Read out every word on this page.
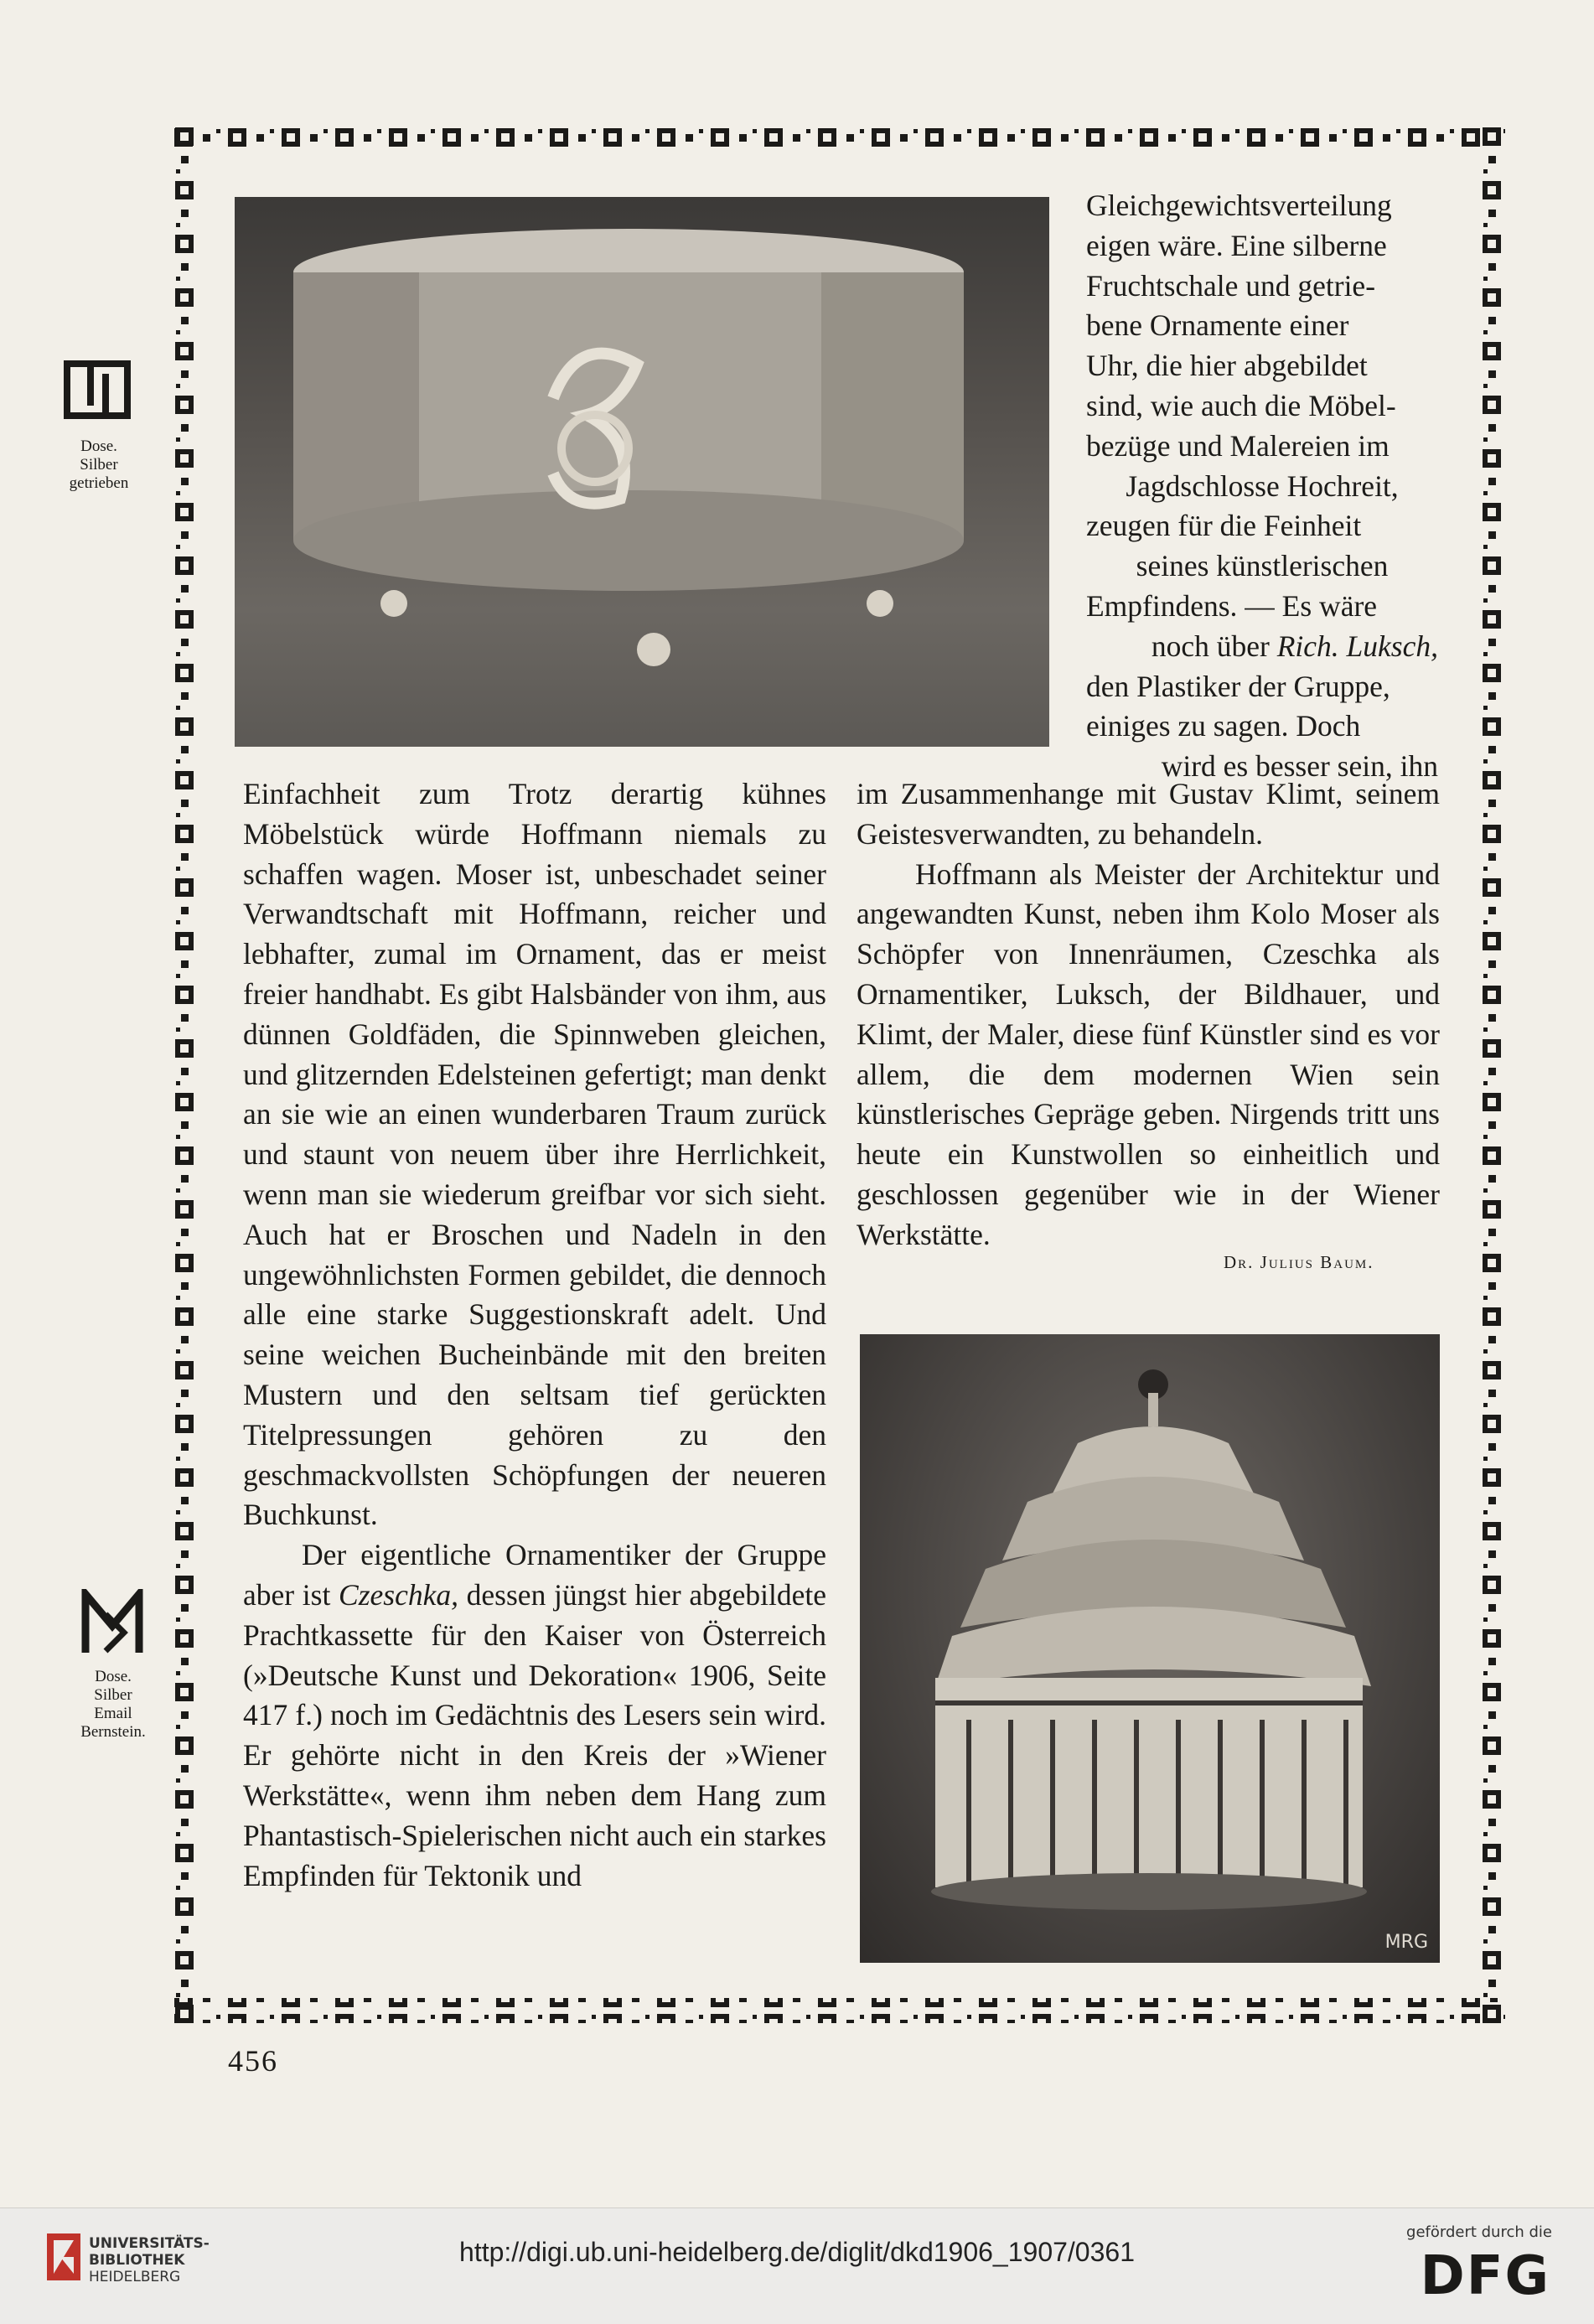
Dose.
Silber
getrieben

Gleichgewichtsverteilung

eigen wäre. Eine silberne

Fruchtschale und getrie-

bene Ornamente einer

Uhr, die hier abgebildet

sind, wie auch die Möbel-

bezüge und Malereien im

Jagdschlosse Hochreit,

zeugen für die Feinheit

seines künstlerischen

Empfindens. — Es wäre

noch über Rich. Luksch,

den Plastiker der Gruppe,

einiges zu sagen. Doch

wird es besser sein, ihn

Einfachheit zum Trotz derartig kühnes Möbelstück würde Hoffmann niemals zu schaffen wagen. Moser ist, unbeschadet seiner Verwandtschaft mit Hoffmann, reicher und lebhafter, zumal im Ornament, das er meist freier handhabt. Es gibt Halsbänder von ihm, aus dünnen Goldfäden, die Spinnweben gleichen, und glitzernden Edelsteinen gefertigt; man denkt an sie wie an einen wunderbaren Traum zurück und staunt von neuem über ihre Herrlichkeit, wenn man sie wiederum greifbar vor sich sieht. Auch hat er Broschen und Nadeln in den ungewöhnlichsten Formen gebildet, die dennoch alle eine starke Suggestionskraft adelt. Und seine weichen Bucheinbände mit den breiten Mustern und den seltsam tief gerückten Titelpressungen gehören zu den geschmackvollsten Schöpfungen der neueren Buchkunst.

Der eigentliche Ornamentiker der Gruppe aber ist Czeschka, dessen jüngst hier abgebildete Prachtkassette für den Kaiser von Österreich (»Deutsche Kunst und Dekoration« 1906, Seite 417 f.) noch im Gedächtnis des Lesers sein wird. Er gehörte nicht in den Kreis der »Wiener Werkstätte«, wenn ihm neben dem Hang zum Phantastisch-Spielerischen nicht auch ein starkes Empfinden für Tektonik und

im Zusammenhange mit Gustav Klimt, seinem Geistesverwandten, zu behandeln.

Hoffmann als Meister der Architektur und angewandten Kunst, neben ihm Kolo Moser als Schöpfer von Innenräumen, Czeschka als Ornamentiker, Luksch, der Bildhauer, und Klimt, der Maler, diese fünf Künstler sind es vor allem, die dem modernen Wien sein künstlerisches Gepräge geben. Nirgends tritt uns heute ein Kunstwollen so einheitlich und geschlossen gegenüber wie in der Wiener Werkstätte.

Dr. Julius Baum.
MRG
Dose.
Silber
Email
Bernstein.
456
UNIVERSITÄTS-
BIBLIOTHEK
HEIDELBERG
http://digi.ub.uni-heidelberg.de/diglit/dkd1906_1907/0361
gefördert durch die
DFG
